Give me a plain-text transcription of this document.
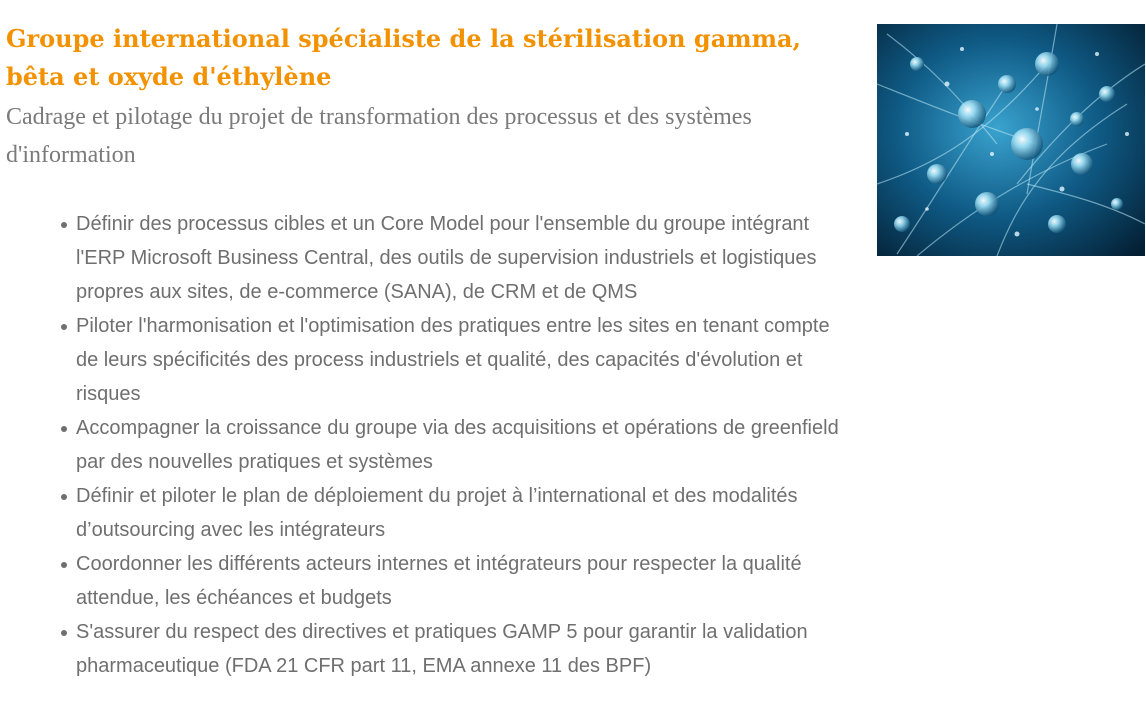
Groupe international spécialiste de la stérilisation gamma, bêta et oxyde d'éthylène

Cadrage et pilotage du projet de transformation des processus et des systèmes d'information

Définir des processus cibles et un Core Model pour l'ensemble du groupe intégrant l'ERP Microsoft Business Central, des outils de supervision industriels et logistiques propres aux sites, de e-commerce (SANA), de CRM et de QMS
Piloter l'harmonisation et l'optimisation des pratiques entre les sites en tenant compte de leurs spécificités des process industriels et qualité, des capacités d'évolution et risques
Accompagner la croissance du groupe via des acquisitions et opérations de greenfield par des nouvelles pratiques et systèmes
Définir et piloter le plan de déploiement du projet à l’international et des modalités d’outsourcing avec les intégrateurs
Coordonner les différents acteurs internes et intégrateurs pour respecter la qualité attendue, les échéances et budgets
S'assurer du respect des directives et pratiques GAMP 5 pour garantir la validation pharmaceutique (FDA 21 CFR part 11, EMA annexe 11 des BPF)
